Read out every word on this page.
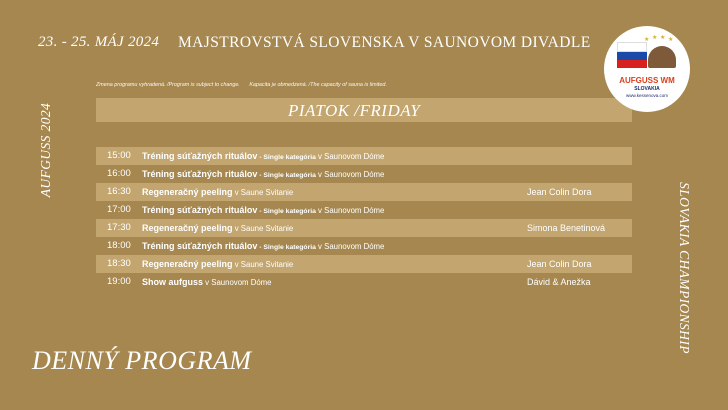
23. - 25. MÁJ 2024 MAJSTROVSTVÁ SLOVENSKA V SAUNOVOM DIVADLE
Zmena programu vyhradená. /Program is subject to change. Kapacita je obmedzená. /The capacity of sauna is limited.
PIATOK /FRIDAY
AUFGUSS 2024
SLOVAKIA CHAMPIONSHIP
15:00 Tréning súťažných rituálov - Single kategória v Saunovom Dóme
16:00 Tréning súťažných rituálov - Single kategória v Saunovom Dóme
16:30 Regeneračný peeling v Saune Svitanie	Jean Colin Dora
17:00 Tréning súťažných rituálov - Single kategória v Saunovom Dóme
17:30 Regeneračný peeling v Saune Svitanie	Simona Benetinová
18:00 Tréning súťažných rituálov - Single kategória v Saunovom Dóme
18:30 Regeneračný peeling v Saune Svitanie	Jean Colin Dora
19:00 Show aufguss v Saunovom Dóme	Dávid & Anežka
★ ★ ★ ★
AUFGUSS WM
SLOVAKIA
www.kessenova.com
DENNÝ PROGRAM
